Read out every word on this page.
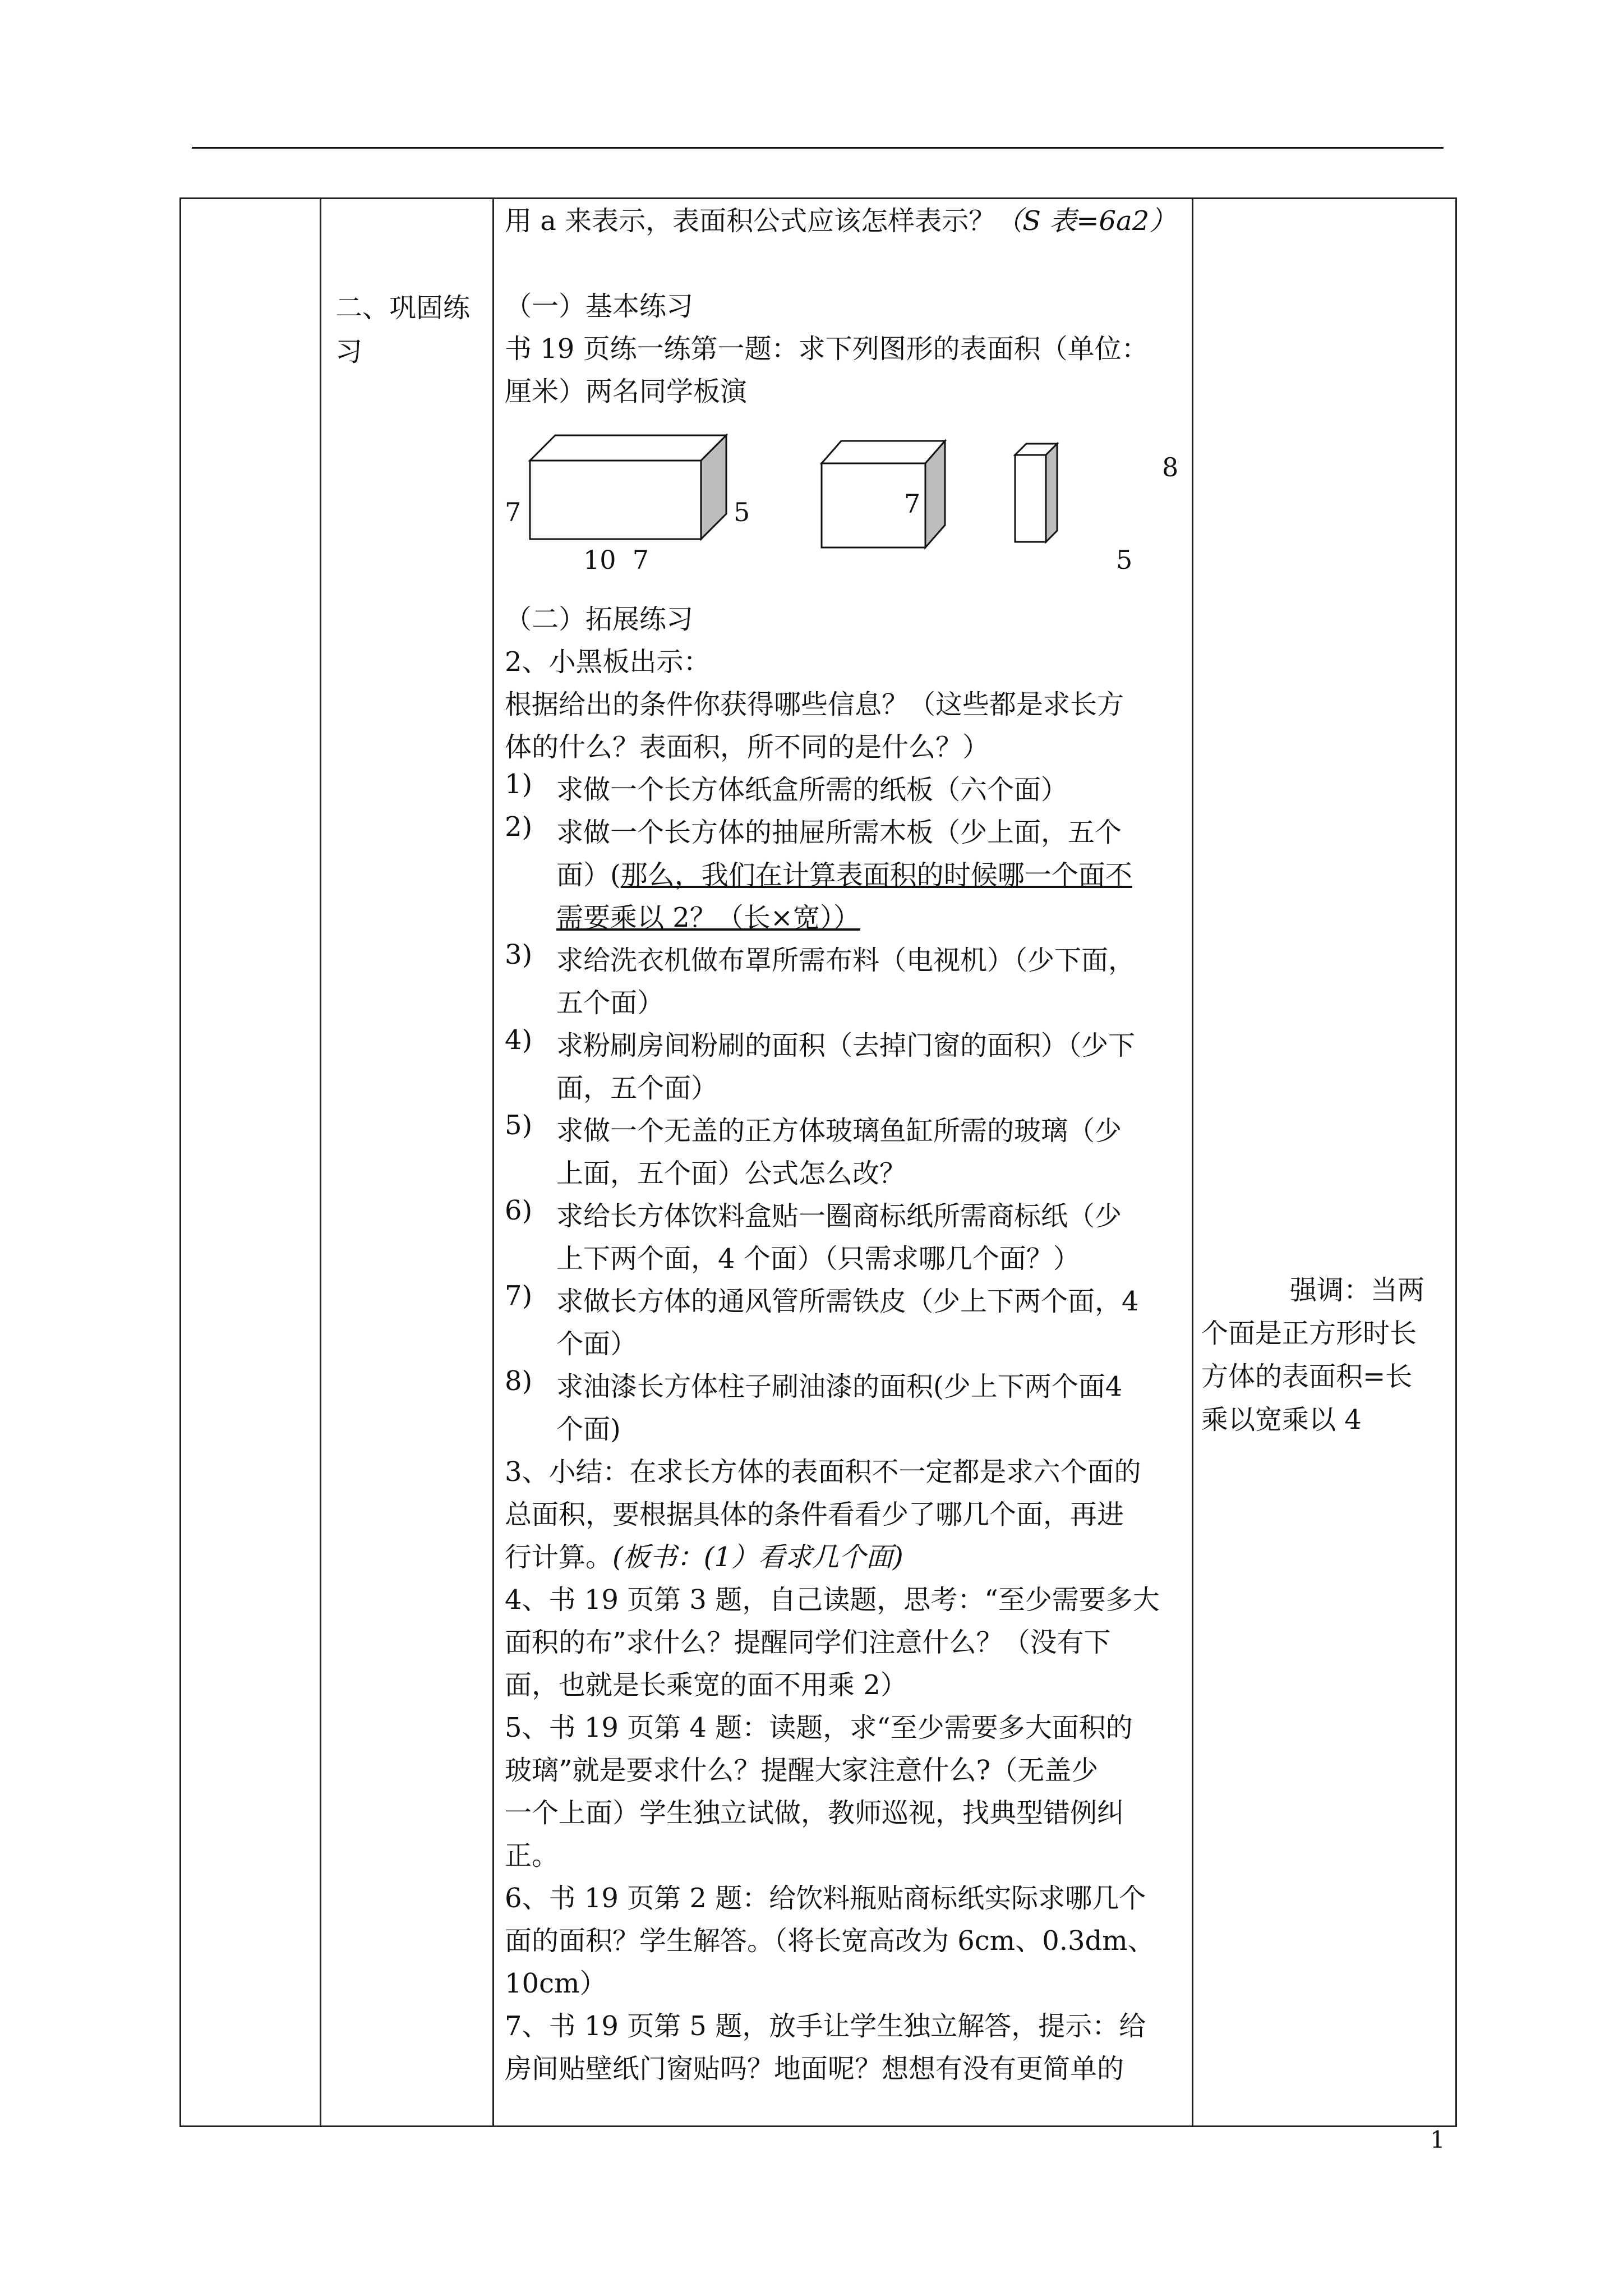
二、巩固练习
用 a 来表示，表面积公式应该怎样表示？（S 表=6a2）
（一）基本练习
书 19 页练一练第一题：求下列图形的表面积（单位：
厘米）两名同学板演
7	5
10  7
7
8
5
（二）拓展练习
2、小黑板出示：
根据给出的条件你获得哪些信息？（这些都是求长方
体的什么？表面积，所不同的是什么？）
1) 求做一个长方体纸盒所需的纸板（六个面）
2) 求做一个长方体的抽屉所需木板（少上面，五个
面）(那么，我们在计算表面积的时候哪一个面不
需要乘以 2？（长×宽））
3) 求给洗衣机做布罩所需布料（电视机）（少下面，
五个面）
4) 求粉刷房间粉刷的面积（去掉门窗的面积）（少下
面，五个面）
5) 求做一个无盖的正方体玻璃鱼缸所需的玻璃（少
上面，五个面）公式怎么改？
6) 求给长方体饮料盒贴一圈商标纸所需商标纸（少
上下两个面，4 个面）（只需求哪几个面？）
7) 求做长方体的通风管所需铁皮（少上下两个面，4
个面）
8) 求油漆长方体柱子刷油漆的面积(少上下两个面4
个面)
3、小结：在求长方体的表面积不一定都是求六个面的
总面积，要根据具体的条件看看少了哪几个面，再进
行计算。(板书：(1）看求几个面)
4、书 19 页第 3 题，自己读题，思考：“至少需要多大
面积的布”求什么？提醒同学们注意什么？（没有下
面，也就是长乘宽的面不用乘 2）
5、书 19 页第 4 题：读题，求“至少需要多大面积的
玻璃”就是要求什么？提醒大家注意什么?（无盖少
一个上面）学生独立试做，教师巡视，找典型错例纠
正。
6、书 19 页第 2 题：给饮料瓶贴商标纸实际求哪几个
面的面积？学生解答。（将长宽高改为 6cm、0.3dm、
10cm）
7、书 19 页第 5 题，放手让学生独立解答，提示：给
房间贴壁纸门窗贴吗？地面呢？想想有没有更简单的
强调：当两
个面是正方形时长
方体的表面积=长
乘以宽乘以 4
1
